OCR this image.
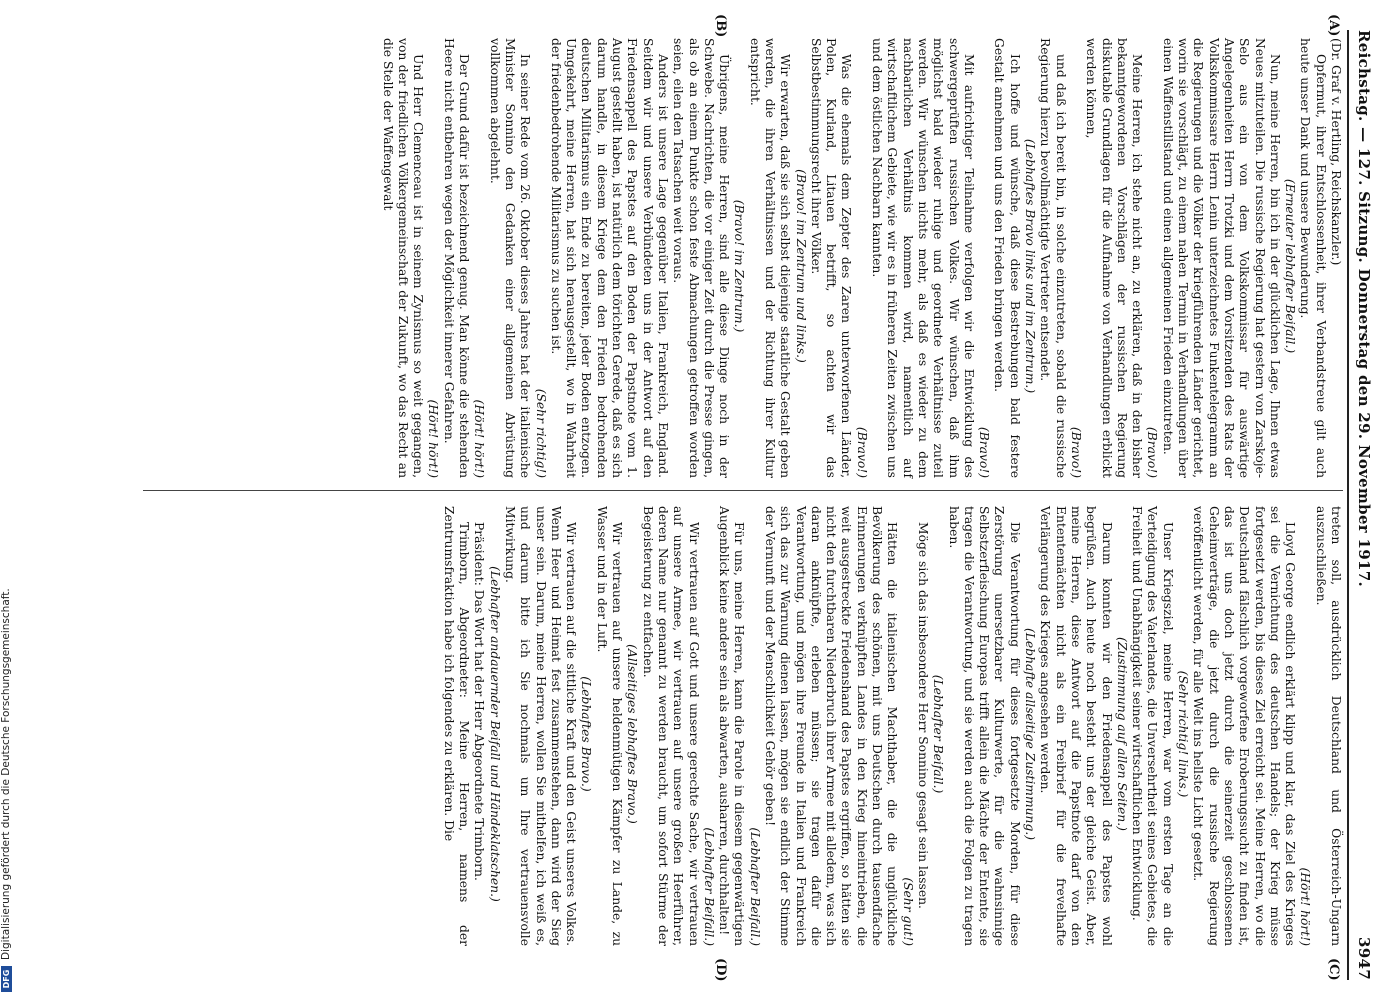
Reichstag. — 127. Sitzung. Donnerstag den 29. November 1917.
3947
(A)
(B)
(C)
(D)

(Dr. Graf v. Hertling, Reichskanzler.)

Opfermut, ihrer Entschlossenheit, ihrer Verbandstreue gilt auch heute unser Dank und unsere Bewunderung.

(Erneuter lebhafter Beifall.)

Nun, meine Herren, bin ich in der glücklichen Lage, Ihnen etwas Neues mitzuteilen. Die russische Regierung hat gestern von Zarskoje-Selo aus ein von dem Volkskommissar für auswärtige Angelegenheiten Herrn Trotzki und dem Vorsitzenden des Rats der Volkskommissare Herrn Lenin unterzeichnetes Funkentelegramm an die Regierungen und die Völker der kriegführenden Länder gerichtet, worin sie vorschlägt, zu einem nahen Termin in Verhandlungen über einen Waffenstillstand und einen allgemeinen Frieden einzutreten.

(Bravo!)

Meine Herren, ich stehe nicht an, zu erklären, daß in den bisher bekanntgewordenen Vorschlägen der russischen Regierung diskutable Grundlagen für die Aufnahme von Verhandlungen erblickt werden können,

(Bravo!)

und daß ich bereit bin, in solche einzutreten, sobald die russische Regierung hierzu bevollmächtigte Vertreter entsendet.

(Lebhaftes Bravo links und im Zentrum.)

Ich hoffe und wünsche, daß diese Bestrebungen bald festere Gestalt annehmen und uns den Frieden bringen werden.

(Bravo!)

Mit aufrichtiger Teilnahme verfolgen wir die Entwicklung des schwergeprüften russischen Volkes. Wir wünschen, daß ihm möglichst bald wieder ruhige und geordnete Verhältnisse zuteil werden. Wir wünschen nichts mehr, als daß es wieder zu dem nachbarlichen Verhältnis kommen wird, namentlich auf wirtschaftlichem Gebiete, wie wir es in früheren Zeiten zwischen uns und dem östlichen Nachbarn kannten.

(Bravo!)

Was die ehemals dem Zepter des Zaren unterworfenen Länder, Polen, Kurland, Litauen betrifft, so achten wir das Selbstbestimmungsrecht ihrer Völker.

(Bravo! im Zentrum und links.)

Wir erwarten, daß sie sich selbst diejenige staatliche Gestalt geben werden, die ihren Verhältnissen und der Richtung ihrer Kultur entspricht.

(Bravo! im Zentrum.)

Übrigens, meine Herren, sind alle diese Dinge noch in der Schwebe. Nachrichten, die vor einiger Zeit durch die Presse gingen, als ob an einem Punkte schon feste Abmachungen getroffen worden seien, eilen den Tatsachen weit voraus.

Anders ist unsere Lage gegenüber Italien, Frankreich, England. Seitdem wir und unsere Verbündeten uns in der Antwort auf den Friedensappell des Papstes auf den Boden der Papstnote vom 1. August gestellt haben, ist natürlich dem törichten Gerede, daß es sich darum handle, in diesem Kriege dem den Frieden bedrohenden deutschen Militarismus ein Ende zu bereiten, jeder Boden entzogen. Umgekehrt, meine Herren, hat sich herausgestellt, wo in Wahrheit der friedenbedrohende Militarismus zu suchen ist.

(Sehr richtig!)

In seiner Rede vom 26. Oktober dieses Jahres hat der italienische Minister Sonnino den Gedanken einer allgemeinen Abrüstung vollkommen abgelehnt.

(Hört! hört!)

Der Grund dafür ist bezeichnend genug. Man könne die stehenden Heere nicht entbehren wegen der Möglichkeit innerer Gefahren.

(Hört! hört!)

Und Herr Clemenceau ist in seinem Zynismus so weit gegangen, von der friedlichen Völkergemeinschaft der Zukunft, wo das Recht an die Stelle der Waffengewalt

treten soll, ausdrücklich Deutschland und Österreich-Ungarn auszuschließen.

(Hört! hört!)

Lloyd George endlich erklärt klipp und klar, das Ziel des Krieges sei die Vernichtung des deutschen Handels; der Krieg müsse fortgesetzt werden, bis dieses Ziel erreicht sei. Meine Herren, wo die Deutschland fälschlich vorgeworfene Eroberungssucht zu finden ist, das ist uns doch jetzt durch die seinerzeit geschlossenen Geheimverträge, die jetzt durch die russische Regierung veröffentlicht werden, für alle Welt ins hellste Licht gesetzt.

(Sehr richtig! links.)

Unser Kriegsziel, meine Herren, war vom ersten Tage an die Verteidigung des Vaterlandes, die Unversehrtheit seines Gebietes, die Freiheit und Unabhängigkeit seiner wirtschaftlichen Entwicklung.

(Zustimmung auf allen Seiten.)

Darum konnten wir den Friedensappell des Papstes wohl begrüßen. Auch heute noch besteht uns der gleiche Geist. Aber, meine Herren, diese Antwort auf die Papstnote darf von den Ententemächten nicht als ein Freibrief für die frevelhafte Verlängerung des Krieges angesehen werden.

(Lebhafte allseitige Zustimmung.)

Die Verantwortung für dieses fortgesetzte Morden, für diese Zerstörung unersetzbarer Kulturwerte, für die wahnsinnige Selbstzerfleischung Europas trifft allein die Mächte der Entente, sie tragen die Verantwortung, und sie werden auch die Folgen zu tragen haben.

(Lebhafter Beifall.)

Möge sich das insbesondere Herr Sonnino gesagt sein lassen.

(Sehr gut!)

Hätten die italienischen Machthaber, die die unglückliche Bevölkerung des schönen, mit uns Deutschen durch tausendfache Erinnerungen verknüpften Landes in den Krieg hineintrieben, die weit ausgestreckte Friedenshand des Papstes ergriffen, so hätten sie nicht den furchtbaren Niederbruch ihrer Armee mit alledem, was sich daran anknüpfte, erleben müssen; sie tragen dafür die Verantwortung, und mögen ihre Freunde in Italien und Frankreich sich das zur Warnung dienen lassen, mögen sie endlich der Stimme der Vernunft und der Menschlichkeit Gehör geben!

(Lebhafter Beifall.)

Für uns, meine Herren, kann die Parole in diesem gegenwärtigen Augenblick keine andere sein als abwarten, ausharren, durchhalten!

(Lebhafter Beifall.)

Wir vertrauen auf Gott und unsere gerechte Sache, wir vertrauen auf unsere Armee, wir vertrauen auf unsere großen Heerführer, deren Name nur genannt zu werden braucht, um sofort Stürme der Begeisterung zu entfachen.

(Allseitiges lebhaftes Bravo.)

Wir vertrauen auf unsere heldenmütigen Kämpfer zu Lande, zu Wasser und in der Luft.

(Lebhaftes Bravo.)

Wir vertrauen auf die sittliche Kraft und den Geist unseres Volkes. Wenn Heer und Heimat fest zusammenstehen, dann wird der Sieg unser sein. Darum, meine Herren, wollen Sie mithelfen, ich weiß es, und darum bitte ich Sie nochmals um Ihre vertrauensvolle Mitwirkung.

(Lebhafter andauernder Beifall und Händeklatschen.)

Präsident: Das Wort hat der Herr Abgeordnete Trimborn.

Trimborn, Abgeordneter: Meine Herren, namens der Zentrumsfraktion habe ich folgendes zu erklären. Die

DFG
Digitalisierung gefördert durch die Deutsche Forschungsgemeinschaft.
